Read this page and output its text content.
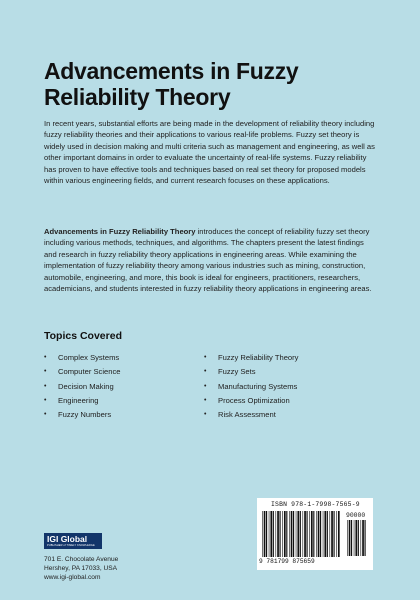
Advancements in Fuzzy
Reliability Theory

In recent years, substantial efforts are being made in the development of reliability theory including fuzzy reliability theories and their applications to various real-life problems. Fuzzy set theory is widely used in decision making and multi criteria such as management and engineering, as well as other important domains in order to evaluate the uncertainty of real-life systems. Fuzzy reliability has proven to have effective tools and techniques based on real set theory for proposed models within various engineering fields, and current research focuses on these applications.

Advancements in Fuzzy Reliability Theory introduces the concept of reliability fuzzy set theory including various methods, techniques, and algorithms. The chapters present the latest findings and research in fuzzy reliability theory applications in engineering areas. While examining the implementation of fuzzy reliability theory among various industries such as mining, construction, automobile, engineering, and more, this book is ideal for engineers, practitioners, researchers, academicians, and students interested in fuzzy reliability theory applications in engineering areas.

Topics Covered
•	Complex Systems
•	Computer Science
•	Decision Making
•	Engineering
•	Fuzzy Numbers
•	Fuzzy Reliability Theory
•	Fuzzy Sets
•	Manufacturing Systems
•	Process Optimization
•	Risk Assessment
IGI Global
PUBLISHER of TIMELY KNOWLEDGE
701 E. Chocolate Avenue
Hershey, PA 17033, USA
www.igi-global.com
ISBN 978-1-7998-7565-9
90000
9 781799 875659
